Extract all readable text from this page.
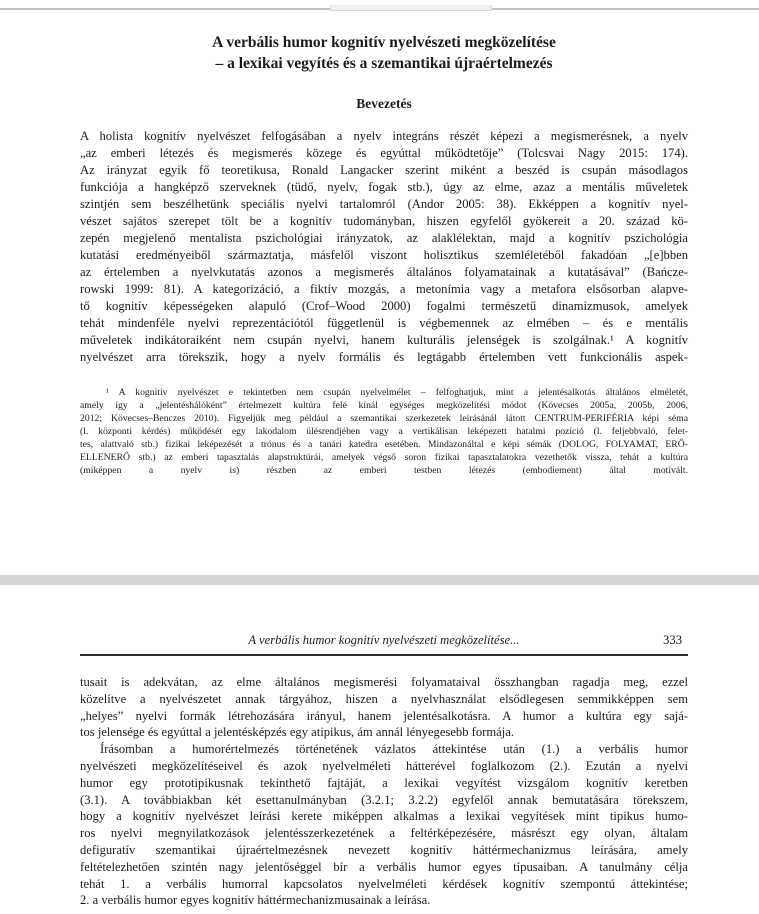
A verbális humor kognitív nyelvészeti megközelítése
– a lexikai vegyítés és a szemantikai újraértelmezés
Bevezetés
A holista kognitív nyelvészet felfogásában a nyelv integráns részét képezi a megismerésnek, a nyelv
„az emberi létezés és megismerés közege és egyúttal működtetője” (Tolcsvai Nagy 2015: 174).
Az irányzat egyik fő teoretikusa, Ronald Langacker szerint miként a beszéd is csupán másodlagos
funkciója a hangképző szerveknek (tüdő, nyelv, fogak stb.), úgy az elme, azaz a mentális műveletek
szintjén sem beszélhetünk speciális nyelvi tartalomról (Andor 2005: 38). Ekképpen a kognitív nyel-
vészet sajátos szerepet tölt be a kognitív tudományban, hiszen egyfelől gyökereit a 20. század kö-
zepén megjelenő mentalista pszichológiai irányzatok, az alaklélektan, majd a kognitív pszichológia
kutatási eredményeiből származtatja, másfelől viszont holisztikus szemléletéből fakadóan „[e]bben
az értelemben a nyelvkutatás azonos a megismerés általános folyamatainak a kutatásával” (Bańcze-
rowski 1999: 81). A kategorizáció, a fiktív mozgás, a metonímia vagy a metafora elsősorban alapve-
tő kognitív képességeken alapuló (Crof–Wood 2000) fogalmi természetű dinamizmusok, amelyek
tehát mindenféle nyelvi reprezentációtól függetlenül is végbemennek az elmében – és e mentális
műveletek indikátoraiként nem csupán nyelvi, hanem kulturális jelenségek is szolgálnak.¹ A kognitív
nyelvészet arra törekszik, hogy a nyelv formális és legtágabb értelemben vett funkcionális aspek-
¹ A kognitív nyelvészet e tekintetben nem csupán nyelvelmélet – felfoghatjuk, mint a jelentésalkotás általános elméletét,
amely így a „jelentéshálóként” értelmezett kultúra felé kínál egységes megközelítési módot (Kövecses 2005a, 2005b, 2006,
2012; Kövecses–Benczes 2010). Figyeljük meg például a szemantikai szerkezetek leírásánál látott CENTRUM-PERIFÉRIA képi séma
(l. központi kérdés) működését egy lakodalom ülésrendjében vagy a vertikálisan leképezett hatalmi pozíció (l. feljebbvaló, felet-
tes, alattvaló stb.) fizikai leképezését a trónus és a tanári katedra esetében. Mindazonáltal e képi sémák (DOLOG, FOLYAMAT, ERŐ-
ELLENERŐ stb.) az emberi tapasztalás alapstruktúrái, amelyek végső soron fizikai tapasztalatokra vezethetők vissza, tehát a kultúra
(miképpen a nyelv is) részben az emberi testben létezés (embodiement) által motivált.
A verbális humor kognitív nyelvészeti megközelítése...	333
tusait is adekvátan, az elme általános megismerési folyamataival összhangban ragadja meg, ezzel
közelítve a nyelvészetet annak tárgyához, hiszen a nyelvhasználat elsődlegesen semmikképpen sem
„helyes” nyelvi formák létrehozására irányul, hanem jelentésalkotásra. A humor a kultúra egy sajá-
tos jelensége és egyúttal a jelentésképzés egy atipikus, ám annál lényegesebb formája.
Írásomban a humorértelmezés történetének vázlatos áttekintése után (1.) a verbális humor
nyelvészeti megközelítéseivel és azok nyelvelméleti hátterével foglalkozom (2.). Ezután a nyelvi
humor egy prototipikusnak tekinthető fajtáját, a lexikai vegyítést vizsgálom kognitív keretben
(3.1). A továbbiakban két esettanulmányban (3.2.1; 3.2.2) egyfelől annak bemutatására törekszem,
hogy a kognitív nyelvészet leírási kerete miképpen alkalmas a lexikai vegyítések mint tipikus humo-
ros nyelvi megnyilatkozások jelentésszerkezetének a feltérképezésére, másrészt egy olyan, általam
defiguratív szemantikai újraértelmezésnek nevezett kognitív háttérmechanizmus leírására, amely
feltételezhetően szintén nagy jelentőséggel bír a verbális humor egyes típusaiban. A tanulmány célja
tehát 1. a verbális humorral kapcsolatos nyelvelméleti kérdések kognitív szempontú áttekintése;
2. a verbális humor egyes kognitív háttérmechanizmusainak a leírása.
